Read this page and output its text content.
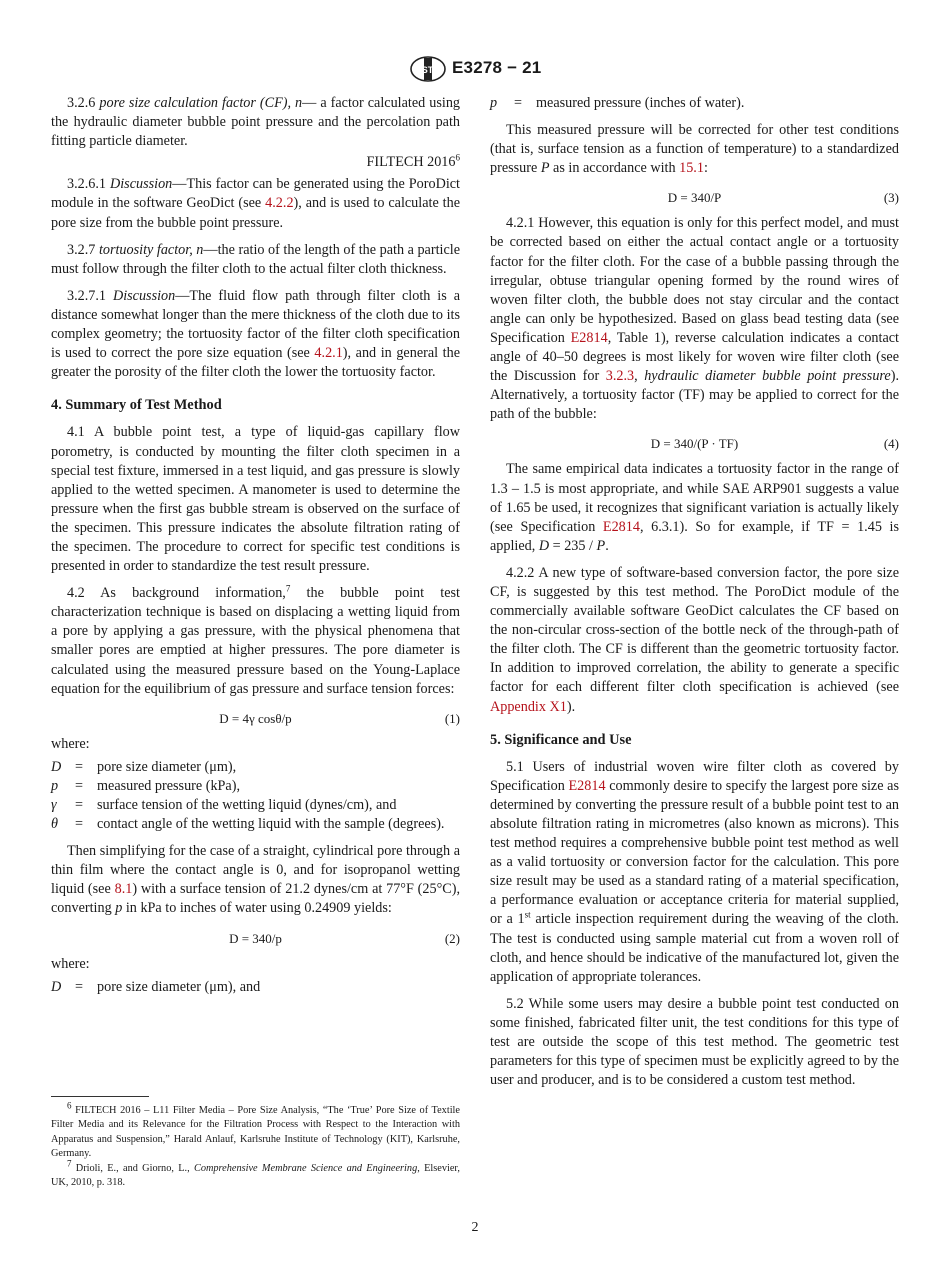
ASTM E3278 − 21

3.2.6 pore size calculation factor (CF), n— a factor calculated using the hydraulic diameter bubble point pressure and the percolation path fitting particle diameter.

FILTECH 2016$^6$

3.2.6.1 Discussion—This factor can be generated using the PoroDict module in the software GeoDict (see 4.2.2), and is used to calculate the pore size from the bubble point pressure.

3.2.7 tortuosity factor, n—the ratio of the length of the path a particle must follow through the filter cloth to the actual filter cloth thickness.

3.2.7.1 Discussion—The fluid flow path through filter cloth is a distance somewhat longer than the mere thickness of the cloth due to its complex geometry; the tortuosity factor of the filter cloth specification is used to correct the pore size equation (see 4.2.1), and in general the greater the porosity of the filter cloth the lower the tortuosity factor.

4. Summary of Test Method

4.1 A bubble point test, a type of liquid-gas capillary flow porometry, is conducted by mounting the filter cloth specimen in a special test fixture, immersed in a test liquid, and gas pressure is slowly applied to the wetted specimen. A manometer is used to determine the pressure when the first gas bubble stream is observed on the surface of the specimen. This pressure indicates the absolute filtration rating of the specimen. The procedure to correct for specific test conditions is presented in order to standardize the test result pressure.

4.2 As background information,$^7$ the bubble point test characterization technique is based on displacing a wetting liquid from a pore by applying a gas pressure, with the physical phenomena that smaller pores are emptied at higher pressures. The pore diameter is calculated using the measured pressure based on the Young-Laplace equation for the equilibrium of gas pressure and surface tension forces:

D = 4γ cosθ/p	(1)
where:
D = pore size diameter (μm),
p	= measured pressure (kPa),
γ	= surface tension of the wetting liquid (dynes/cm), and
θ	= contact angle of the wetting liquid with the sample (degrees).

Then simplifying for the case of a straight, cylindrical pore through a thin film where the contact angle is 0, and for isopropanol wetting liquid (see 8.1) with a surface tension of 21.2 dynes/cm at 77°F (25°C), converting p in kPa to inches of water using 0.24909 yields:

D = 340/p	(2)
where:
D = pore size diameter (μm), and
p	= measured pressure (inches of water).

This measured pressure will be corrected for other test conditions (that is, surface tension as a function of temperature) to a standardized pressure P as in accordance with 15.1:

D = 340/P	(3)

4.2.1 However, this equation is only for this perfect model, and must be corrected based on either the actual contact angle or a tortuosity factor for the filter cloth. For the case of a bubble passing through the irregular, obtuse triangular opening formed by the round wires of woven filter cloth, the bubble does not stay circular and the contact angle can only be hypothesized. Based on glass bead testing data (see Specification E2814, Table 1), reverse calculation indicates a contact angle of 40–50 degrees is most likely for woven wire filter cloth (see the Discussion for 3.2.3, hydraulic diameter bubble point pressure). Alternatively, a tortuosity factor (TF) may be applied to correct for the path of the bubble:

D = 340/(P · TF)	(4)

The same empirical data indicates a tortuosity factor in the range of 1.3 – 1.5 is most appropriate, and while SAE ARP901 suggests a value of 1.65 be used, it recognizes that significant variation is actually likely (see Specification E2814, 6.3.1). So for example, if TF = 1.45 is applied, D = 235 / P.

4.2.2 A new type of software-based conversion factor, the pore size CF, is suggested by this test method. The PoroDict module of the commercially available software GeoDict calculates the CF based on the non-circular cross-section of the bottle neck of the through-path of the filter cloth. The CF is different than the geometric tortuosity factor. In addition to improved correlation, the ability to generate a specific factor for each different filter cloth specification is achieved (see Appendix X1).

5. Significance and Use

5.1 Users of industrial woven wire filter cloth as covered by Specification E2814 commonly desire to specify the largest pore size as determined by converting the pressure result of a bubble point test to an absolute filtration rating in micrometres (also known as microns). This test method requires a comprehensive bubble point test method as well as a valid tortuosity or conversion factor for the calculation. This pore size result may be used as a standard rating of a material specification, a performance evaluation or acceptance criteria for material supplied, or a 1st article inspection requirement during the weaving of the cloth. The test is conducted using sample material cut from a woven roll of cloth, and hence should be indicative of the manufactured lot, given the application of appropriate tolerances.

5.2 While some users may desire a bubble point test conducted on some finished, fabricated filter unit, the test conditions for this type of test are outside the scope of this test method. The geometric test parameters for this type of specimen must be explicitly agreed to by the user and producer, and is to be considered a custom test method.

$^6$ FILTECH 2016 – L11 Filter Media – Pore Size Analysis, “The ‘True’ Pore Size of Textile Filter Media and its Relevance for the Filtration Process with Respect to the Interaction with Apparatus and Suspension,” Harald Anlauf, Karlsruhe Institute of Technology (KIT), Karlsruhe, Germany.

$^7$ Drioli, E., and Giorno, L., Comprehensive Membrane Science and Engineering, Elsevier, UK, 2010, p. 318.

2
